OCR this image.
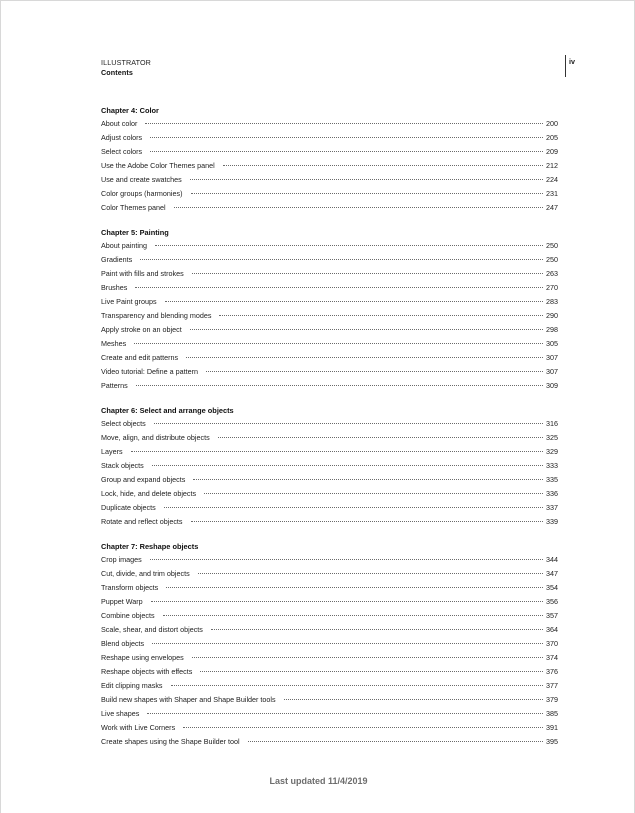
ILLUSTRATOR
Contents
iv
Chapter 4: Color
About color	200
Adjust colors	205
Select colors	209
Use the Adobe Color Themes panel	212
Use and create swatches	224
Color groups (harmonies)	231
Color Themes panel	247
Chapter 5: Painting
About painting	250
Gradients	250
Paint with fills and strokes	263
Brushes	270
Live Paint groups	283
Transparency and blending modes	290
Apply stroke on an object	298
Meshes	305
Create and edit patterns	307
Video tutorial: Define a pattern	307
Patterns	309
Chapter 6: Select and arrange objects
Select objects	316
Move, align, and distribute objects	325
Layers	329
Stack objects	333
Group and expand objects	335
Lock, hide, and delete objects	336
Duplicate objects	337
Rotate and reflect objects	339
Chapter 7: Reshape objects
Crop images	344
Cut, divide, and trim objects	347
Transform objects	354
Puppet Warp	356
Combine objects	357
Scale, shear, and distort objects	364
Blend objects	370
Reshape using envelopes	374
Reshape objects with effects	376
Edit clipping masks	377
Build new shapes with Shaper and Shape Builder tools	379
Live shapes	385
Work with Live Corners	391
Create shapes using the Shape Builder tool	395
Last updated 11/4/2019
